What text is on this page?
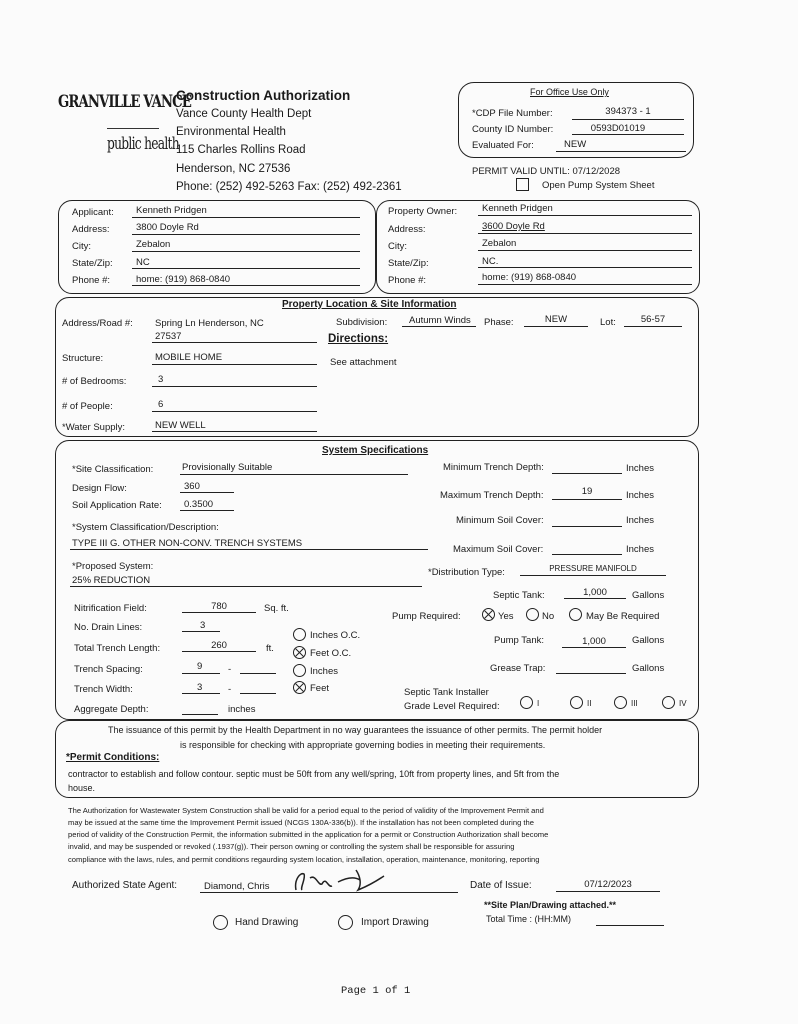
GRANVILLE VANCE
public health
Construction Authorization
Vance County Health Dept
Environmental Health
115 Charles Rollins Road
Henderson, NC 27536
Phone: (252) 492-5263 Fax: (252) 492-2361
For Office Use Only
*CDP File Number:	394373 - 1
County ID Number:	0593D01019
Evaluated For:	NEW
PERMIT VALID UNTIL: 07/12/2028
Open Pump System Sheet
Applicant: Kenneth Pridgen
Address:	3800 Doyle Rd
City:	Zebalon
State/Zip: NC
Phone #:	home: (919) 868-0840
Property Owner:	Kenneth Pridgen
Address:	3600 Doyle Rd
City:	Zebalon
State/Zip:	NC.
Phone #:	home: (919) 868-0840
Property Location & Site Information
Address/Road #: Spring Ln Henderson, NC
27537
Subdivision: Autumn Winds Phase:	NEW	Lot:	56-57
Directions:
See attachment
Structure:	MOBILE HOME
# of Bedrooms:	3
# of People:	6
*Water Supply:	NEW WELL
System Specifications
*Site Classification:	Provisionally Suitable
Design Flow:	360
Soil Application Rate: 0.3500
*System Classification/Description:
TYPE III G. OTHER NON-CONV. TRENCH SYSTEMS
*Proposed System:
25% REDUCTION
Minimum Trench Depth:	Inches
Maximum Trench Depth:	19	Inches
Minimum Soil Cover:	Inches
Maximum Soil Cover:	Inches
*Distribution Type:	PRESSURE MANIFOLD
Septic Tank:	1,000	Gallons
Nitrification Field:	780	Sq. ft.
No. Drain Lines:	3
Total Trench Length:	260	ft.
Trench Spacing:	9	-
Trench Width:	3	-
Aggregate Depth:	inches
Inches O.C.
Feet O.C.
Inches
Feet
Pump Required:	Yes	No	May Be Required
Pump Tank:	1,000	Gallons
Grease Trap:	Gallons
Septic Tank Installer
Grade Level Required:	I	II	III	IV
The issuance of this permit by the Health Department in no way guarantees the issuance of other permits. The permit holder
is responsible for checking with appropriate governing bodies in meeting their requirements.
*Permit Conditions:
contractor to establish and follow contour. septic must be 50ft from any well/spring, 10ft from property lines, and 5ft from the
house.
The Authorization for Wastewater System Construction shall be valid for a period equal to the period of validity of the Improvement Permit and
may be issued at the same time the Improvement Permit issued (NCGS 130A-336(b)). If the installation has not been completed during the
period of validity of the Construction Permit, the information submitted in the application for a permit or Construction Authorization shall become
invalid, and may be suspended or revoked (.1937(g)). Their person owning or controlling the system shall be responsible for assuring
compliance with the laws, rules, and permit conditions regaurding system location, installation, operation, maintenance, monitoring, reporting
Authorized State Agent:	Diamond, Chris	Date of Issue:	07/12/2023
**Site Plan/Drawing attached.**
Total Time : (HH:MM)
Hand Drawing	Import Drawing
Page 1 of 1
